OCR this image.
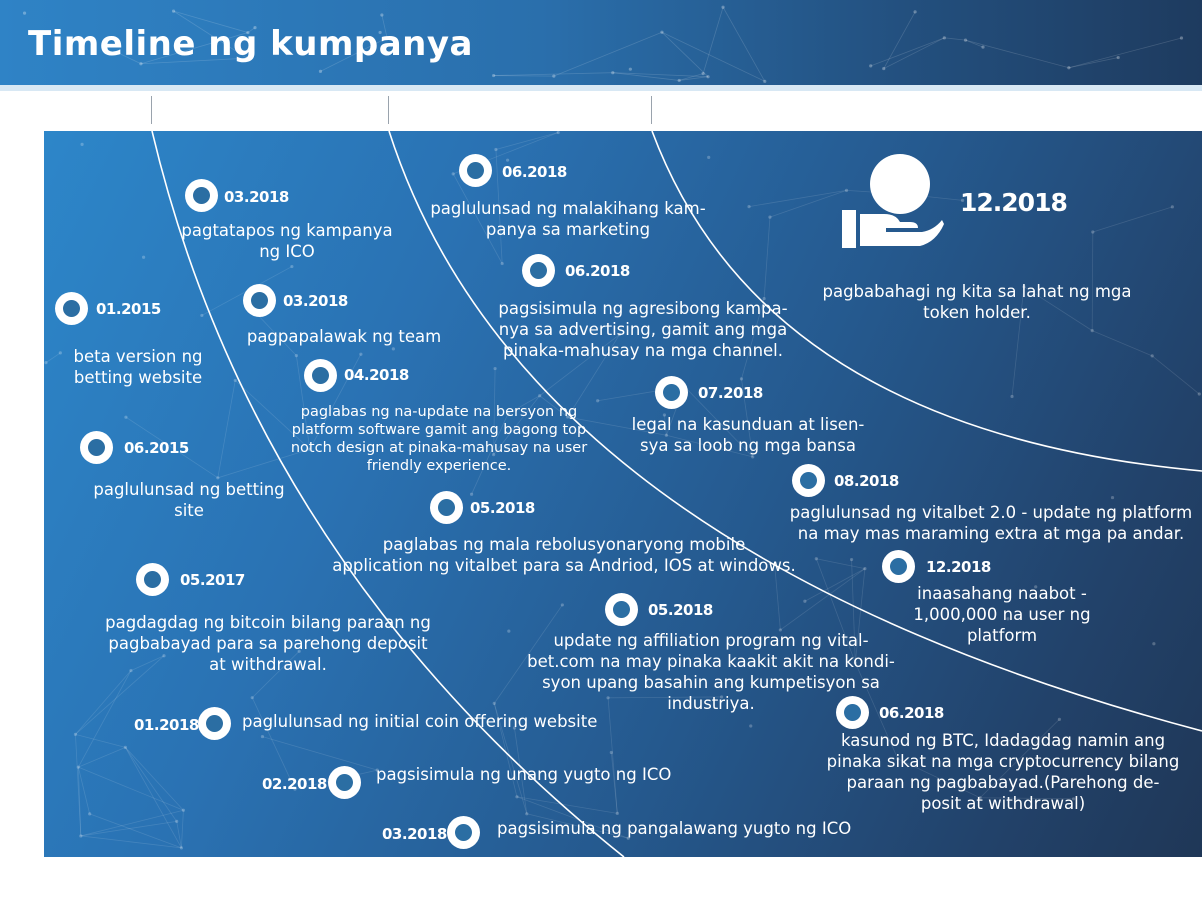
Timeline ng kumpanya
12.2018
pagbabahagi ng kita sa lahat ng mga
token holder.
01.2015
beta version ng
betting website
06.2015
paglulunsad ng betting
site
05.2017
pagdagdag ng bitcoin bilang paraan ng
pagbabayad para sa parehong deposit
at withdrawal.
01.2018	paglulunsad ng initial coin offering website
02.2018	pagsisimula ng unang yugto ng ICO
03.2018	pagsisimula ng pangalawang yugto ng ICO
03.2018
pagtatapos ng kampanya
ng ICO
03.2018
pagpapalawak ng team
04.2018
paglabas ng na-update na bersyon ng
platform software gamit ang bagong top
notch design at pinaka-mahusay na user
friendly experience.
05.2018
paglabas ng mala rebolusyonaryong mobile
application ng vitalbet para sa Andriod, IOS at windows.
05.2018
update ng affiliation program ng vital-
bet.com na may pinaka kaakit akit na kondi-
syon upang basahin ang kumpetisyon sa
industriya.
06.2018
paglulunsad ng malakihang kam-
panya sa marketing
06.2018
pagsisimula ng agresibong kampa-
nya sa advertising, gamit ang mga
pinaka-mahusay na mga channel.
07.2018
legal na kasunduan at lisen-
sya sa loob ng mga bansa
08.2018
paglulunsad ng vitalbet 2.0 - update ng platform
na may mas maraming extra at mga pa andar.
12.2018
inaasahang naabot -
1,000,000 na user ng
platform
06.2018
kasunod ng BTC, Idadagdag namin ang
pinaka sikat na mga cryptocurrency bilang
paraan ng pagbabayad.(Parehong de-
posit at withdrawal)
